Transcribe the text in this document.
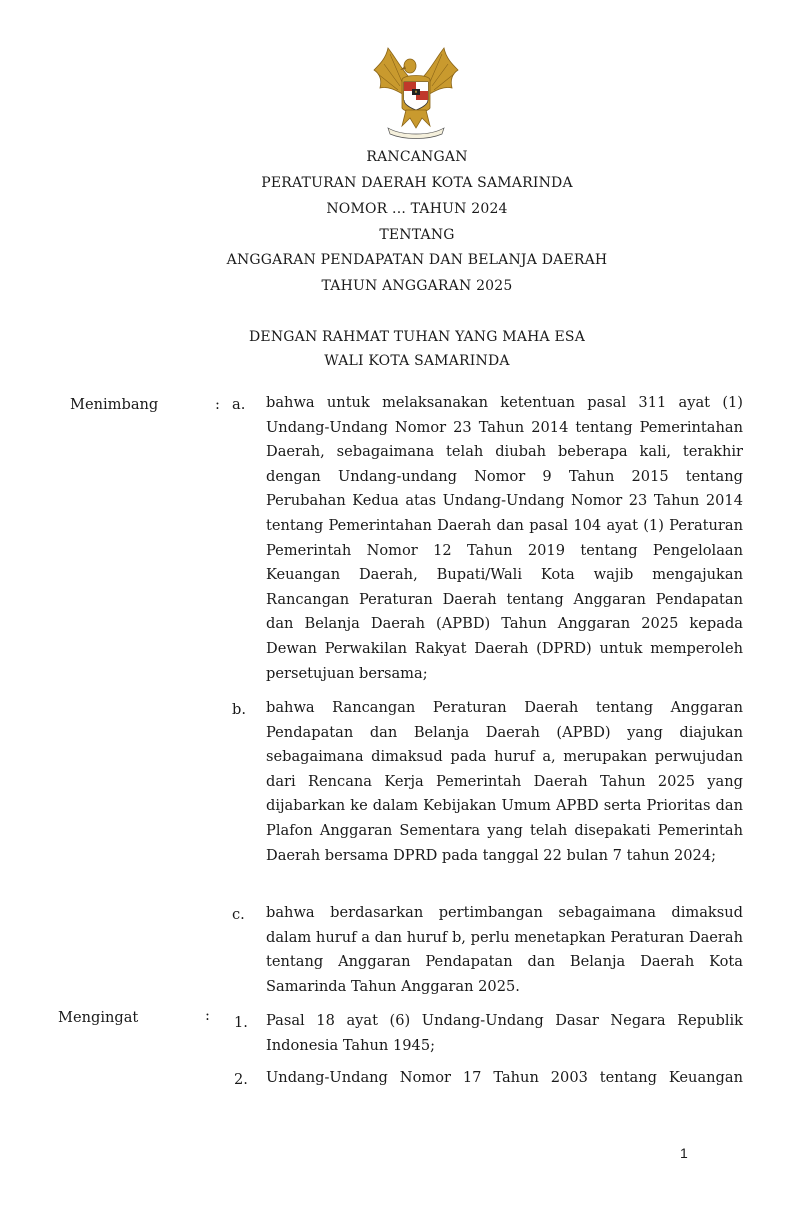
RANCANGAN
PERATURAN DAERAH KOTA SAMARINDA
NOMOR ... TAHUN 2024
TENTANG
ANGGARAN PENDAPATAN DAN BELANJA DAERAH
TAHUN ANGGARAN 2025
DENGAN RAHMAT TUHAN YANG MAHA ESA
WALI KOTA SAMARINDA
Menimbang	: a. bahwa untuk melaksanakan ketentuan pasal 311 ayat (1) Undang-Undang Nomor 23 Tahun 2014 tentang Pemerintahan Daerah, sebagaimana telah diubah beberapa kali, terakhir dengan Undang-undang Nomor 9 Tahun 2015 tentang Perubahan Kedua atas Undang-Undang Nomor 23 Tahun 2014 tentang Pemerintahan Daerah dan pasal 104 ayat (1) Peraturan Pemerintah Nomor 12 Tahun 2019 tentang Pengelolaan Keuangan Daerah, Bupati/Wali Kota wajib mengajukan Rancangan Peraturan Daerah tentang Anggaran Pendapatan dan Belanja Daerah (APBD) Tahun Anggaran 2025 kepada Dewan Perwakilan Rakyat Daerah (DPRD) untuk memperoleh persetujuan bersama;

b. bahwa Rancangan Peraturan Daerah tentang Anggaran Pendapatan dan Belanja Daerah (APBD) yang diajukan sebagaimana dimaksud pada huruf a, merupakan perwujudan dari Rencana Kerja Pemerintah Daerah Tahun 2025 yang dijabarkan ke dalam Kebijakan Umum APBD serta Prioritas dan Plafon Anggaran Sementara yang telah disepakati Pemerintah Daerah bersama DPRD pada tanggal 22 bulan 7 tahun 2024;

c. bahwa berdasarkan pertimbangan sebagaimana dimaksud dalam huruf a dan huruf b, perlu menetapkan Peraturan Daerah tentang Anggaran Pendapatan dan Belanja Daerah Kota Samarinda Tahun Anggaran 2025.

Mengingat	: 1. Pasal 18 ayat (6) Undang-Undang Dasar Negara Republik Indonesia Tahun 1945;

2. Undang-Undang Nomor 17 Tahun 2003 tentang Keuangan

1
